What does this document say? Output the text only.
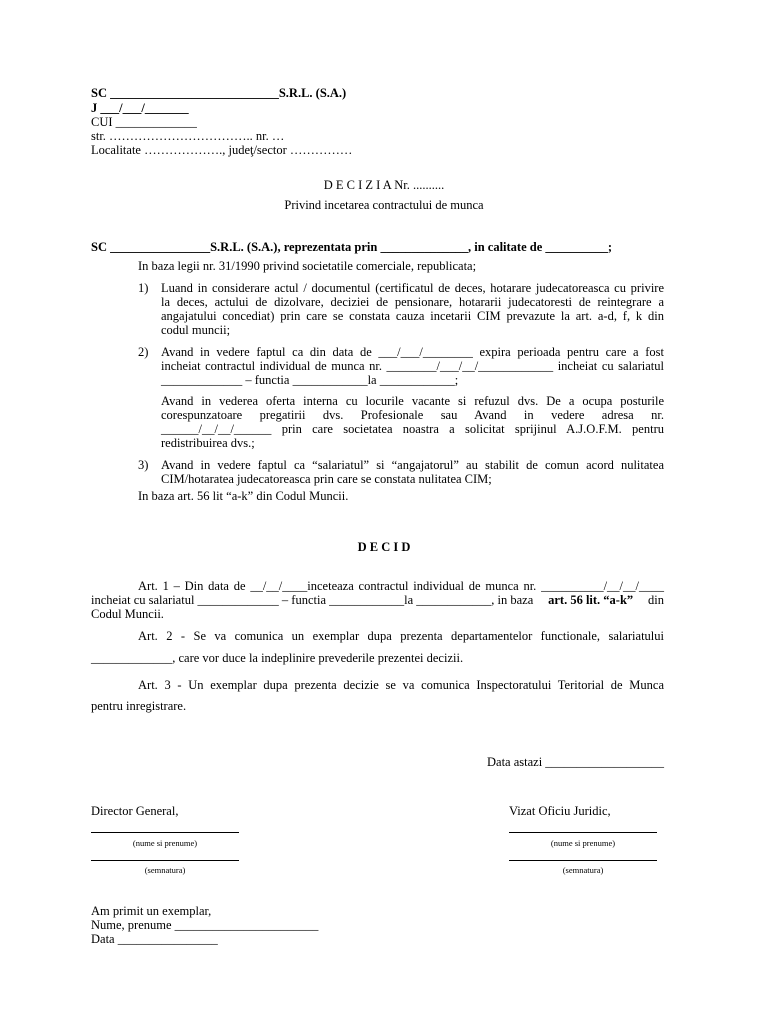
SC ___________________________S.R.L. (S.A.)
J ___/___/_______
CUI _____________
str. …………………………….. nr. …
Localitate ………………., judeţ/sector ……………
D E C I Z I A Nr. ..........
Privind incetarea contractului de munca
SC ________________S.R.L. (S.A.), reprezentata prin ______________, in calitate de __________;
In baza legii nr. 31/1990 privind societatile comerciale, republicata;
1) Luand in considerare actul / documentul (certificatul de deces, hotarare judecatoreasca cu privire
la deces, actului de dizolvare, deciziei de pensionare, hotararii judecatoresti de reintegrare a
angajatului concediat) prin care se constata cauza incetarii CIM prevazute la art. a-d, f, k din
codul muncii;
2) Avand in vedere faptul ca din data de ___/___/________ expira perioada pentru care a fost
incheiat contractul individual de munca nr. ________/___/__/____________ incheiat cu salariatul
_____________ – functia ____________la ____________;
Avand in vederea oferta interna cu locurile vacante si refuzul dvs. De a ocupa posturile
corespunzatoare pregatirii dvs. Profesionale sau Avand in vedere adresa nr.
______/__/__/______ prin care societatea noastra a solicitat sprijinul A.J.O.F.M. pentru
redistribuirea dvs.;
3) Avand in vedere faptul ca “salariatul” si “angajatorul” au stabilit de comun acord nulitatea
CIM/hotaratea judecatoreasca prin care se constata nulitatea CIM;
In baza art. 56 lit “a-k” din Codul Muncii.
D E C I D
Art. 1 – Din data de __/__/____inceteaza contractul individual de munca nr. __________/__/__/____
incheiat cu salariatul _____________ – functia ____________la ____________, in baza art. 56 lit. “a-k” din
Codul Muncii.
Art. 2 - Se va comunica un exemplar dupa prezenta departamentelor functionale, salariatului
_____________, care vor duce la indeplinire prevederile prezentei decizii.
Art. 3 - Un exemplar dupa prezenta decizie se va comunica Inspectoratului Teritorial de Munca
pentru inregistrare.
Data astazi ___________________
Director General,	Vizat Oficiu Juridic,
(nume si prenume)	(nume si prenume)
(semnatura)	(semnatura)
Am primit un exemplar,
Nume, prenume _______________________
Data ________________
